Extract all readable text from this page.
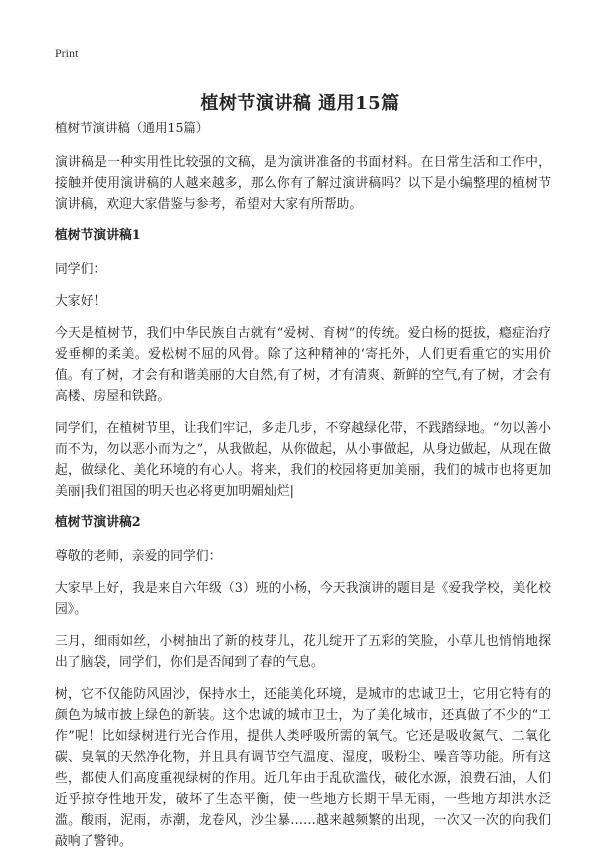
Print
植树节演讲稿 通用15篇
植树节演讲稿（通用15篇）

演讲稿是一种实用性比较强的文稿，是为演讲准备的书面材料。在日常生活和工作中，接触并使用演讲稿的人越来越多，那么你有了解过演讲稿吗？以下是小编整理的植树节演讲稿，欢迎大家借鉴与参考，希望对大家有所帮助。

植树节演讲稿1

同学们：

大家好！

今天是植树节，我们中华民族自古就有“爱树、育树”的传统。爱白杨的挺拔，瘾症治疗爱垂柳的柔美。爱松树不屈的风骨。除了这种精神的‘寄托外，人们更看重它的实用价值。有了树，才会有和谐美丽的大自然,有了树，才有清爽、新鲜的空气,有了树，才会有高楼、房屋和铁路。

同学们，在植树节里，让我们牢记，多走几步，不穿越绿化带，不践踏绿地。“勿以善小而不为，勿以恶小而为之”，从我做起，从你做起，从小事做起，从身边做起，从现在做起，做绿化、美化环境的有心人。将来，我们的校园将更加美丽，我们的城市也将更加美丽|我们祖国的明天也必将更加明媚灿烂|

植树节演讲稿2

尊敬的老师，亲爱的同学们：

大家早上好，我是来自六年级（3）班的小杨，今天我演讲的题目是《爱我学校，美化校园》。

三月，细雨如丝，小树抽出了新的枝芽儿，花儿绽开了五彩的笑脸，小草儿也悄悄地探出了脑袋，同学们，你们是否闻到了春的气息。

树，它不仅能防风固沙，保持水土，还能美化环境，是城市的忠诚卫士，它用它特有的颜色为城市披上绿色的新装。这个忠诚的城市卫士，为了美化城市，还真做了不少的“工作”呢！比如绿树进行光合作用，提供人类呼吸所需的氧气。它还是吸收氮气、二氧化碳、臭氧的天然净化物，并且具有调节空气温度、湿度，吸粉尘、噪音等功能。所有这些，都使人们高度重视绿树的作用。近几年由于乱砍滥伐，破化水源，浪费石油，人们近乎掠夺性地开发，破坏了生态平衡，使一些地方长期干旱无雨，一些地方却洪水泛滥。酸雨，泥雨，赤潮，龙卷风，沙尘暴……越来越频繁的出现，一次又一次的向我们敲响了警钟。
